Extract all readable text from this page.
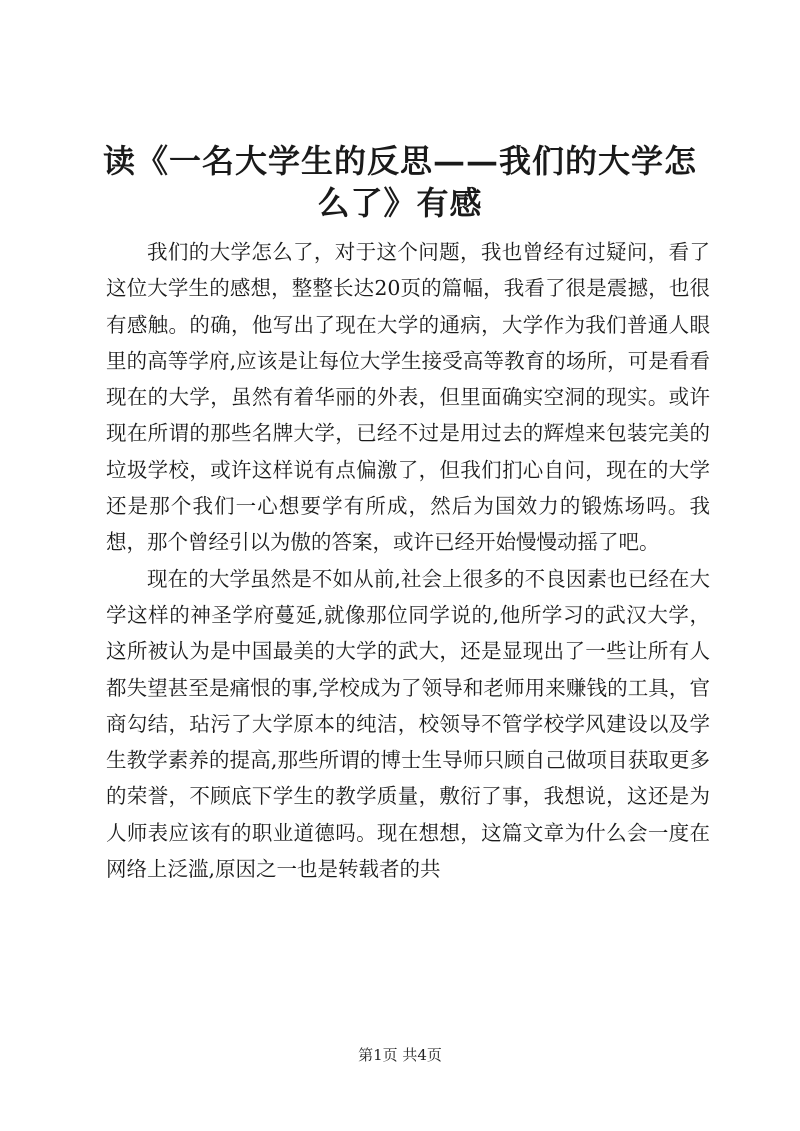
读《一名大学生的反思——我们的大学怎么了》有感

我们的大学怎么了，对于这个问题，我也曾经有过疑问，看了这位大学生的感想，整整长达20页的篇幅，我看了很是震撼，也很有感触。的确，他写出了现在大学的通病，大学作为我们普通人眼里的高等学府,应该是让每位大学生接受高等教育的场所，可是看看现在的大学，虽然有着华丽的外表，但里面确实空洞的现实。或许现在所谓的那些名牌大学，已经不过是用过去的辉煌来包装完美的垃圾学校，或许这样说有点偏激了，但我们扪心自问，现在的大学还是那个我们一心想要学有所成，然后为国效力的锻炼场吗。我想，那个曾经引以为傲的答案，或许已经开始慢慢动摇了吧。

现在的大学虽然是不如从前,社会上很多的不良因素也已经在大学这样的神圣学府蔓延,就像那位同学说的,他所学习的武汉大学，这所被认为是中国最美的大学的武大，还是显现出了一些让所有人都失望甚至是痛恨的事,学校成为了领导和老师用来赚钱的工具，官商勾结，玷污了大学原本的纯洁，校领导不管学校学风建设以及学生教学素养的提高,那些所谓的博士生导师只顾自己做项目获取更多的荣誉，不顾底下学生的教学质量，敷衍了事，我想说，这还是为人师表应该有的职业道德吗。现在想想，这篇文章为什么会一度在网络上泛滥,原因之一也是转载者的共

第1页 共4页
